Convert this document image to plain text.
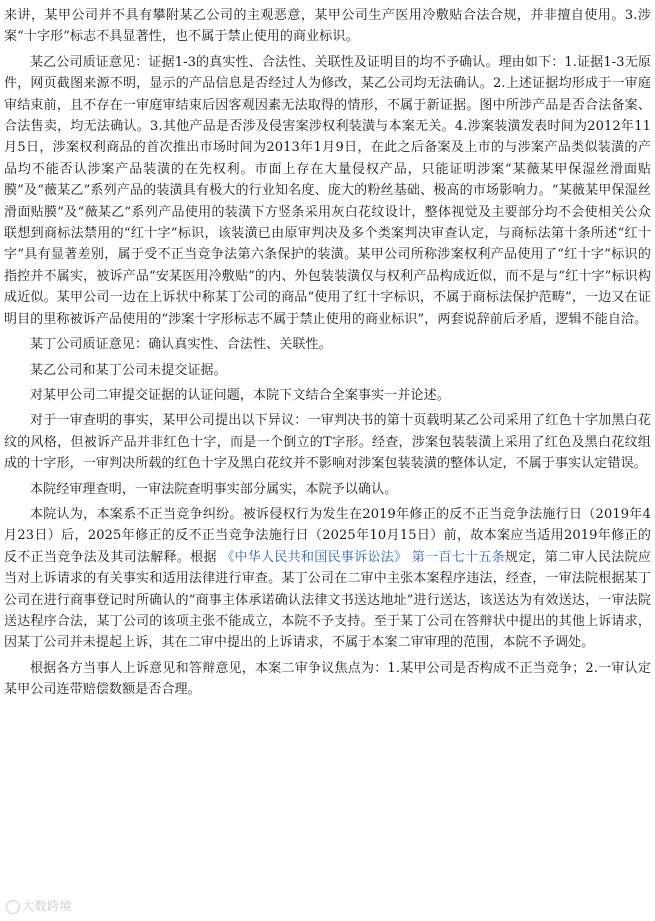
来讲，某甲公司并不具有攀附某乙公司的主观恶意，某甲公司生产医用冷敷贴合法合规，并非擅自使用。3.涉案“十字形”标志不具显著性，也不属于禁止使用的商业标识。

某乙公司质证意见：证据1-3的真实性、合法性、关联性及证明目的均不予确认。理由如下：1.证据1-3无原件，网页截图来源不明，显示的产品信息是否经过人为修改，某乙公司均无法确认。2.上述证据均形成于一审庭审结束前，且不存在一审庭审结束后因客观因素无法取得的情形，不属于新证据。图中所涉产品是否合法备案、合法售卖，均无法确认。3.其他产品是否涉及侵害案涉权利装潢与本案无关。4.涉案装潢发表时间为2012年11月5日，涉案权利商品的首次推出市场时间为2013年1月9日，在此之后备案及上市的与涉案产品类似装潢的产品均不能否认涉案产品装潢的在先权利。市面上存在大量侵权产品，只能证明涉案“某薇某甲保湿丝滑面贴膜”及“薇某乙”系列产品的装潢具有极大的行业知名度、庞大的粉丝基础、极高的市场影响力。“某薇某甲保湿丝滑面贴膜”及“薇某乙”系列产品使用的装潢下方竖条采用灰白花纹设计，整体视觉及主要部分均不会使相关公众联想到商标法禁用的“红十字”标识，该装潢已由原审判决及多个类案判决审查认定，与商标法第十条所述“红十字”具有显著差别，属于受不正当竞争法第六条保护的装潢。某甲公司所称涉案权利产品使用了“红十字”标识的指控并不属实，被诉产品“安某医用冷敷贴”的内、外包装装潢仅与权利产品构成近似，而不是与“红十字”标识构成近似。某甲公司一边在上诉状中称某丁公司的商品“使用了红十字标识，不属于商标法保护范畴”，一边又在证明目的里称被诉产品使用的“涉案十字形标志不属于禁止使用的商业标识”，两套说辞前后矛盾，逻辑不能自洽。

某丁公司质证意见：确认真实性、合法性、关联性。

某乙公司和某丁公司未提交证据。

对某甲公司二审提交证据的认证问题，本院下文结合全案事实一并论述。

对于一审查明的事实，某甲公司提出以下异议：一审判决书的第十页载明某乙公司采用了红色十字加黑白花纹的风格，但被诉产品并非红色十字，而是一个倒立的T字形。经查，涉案包装装潢上采用了红色及黑白花纹组成的十字形，一审判决所载的红色十字及黑白花纹并不影响对涉案包装装潢的整体认定，不属于事实认定错误。

本院经审理查明，一审法院查明事实部分属实，本院予以确认。

本院认为，本案系不正当竞争纠纷。被诉侵权行为发生在2019年修正的反不正当竞争法施行日（2019年4月23日）后，2025年修正的反不正当竞争法施行日（2025年10月15日）前，故本案应当适用2019年修正的反不正当竞争法及其司法解释。根据 《中华人民共和国民事诉讼法》 第一百七十五条规定，第二审人民法院应当对上诉请求的有关事实和适用法律进行审查。某丁公司在二审中主张本案程序违法，经查，一审法院根据某丁公司在进行商事登记时所确认的“商事主体承诺确认法律文书送达地址”进行送达，该送达为有效送达，一审法院送达程序合法，某丁公司的该项主张不能成立，本院不予支持。至于某丁公司在答辩状中提出的其他上诉请求，因某丁公司并未提起上诉，其在二审中提出的上诉请求，不属于本案二审审理的范围，本院不予调处。

根据各方当事人上诉意见和答辩意见，本案二审争议焦点为：1.某甲公司是否构成不正当竞争；2.一审认定某甲公司连带赔偿数额是否合理。

大数跨境
